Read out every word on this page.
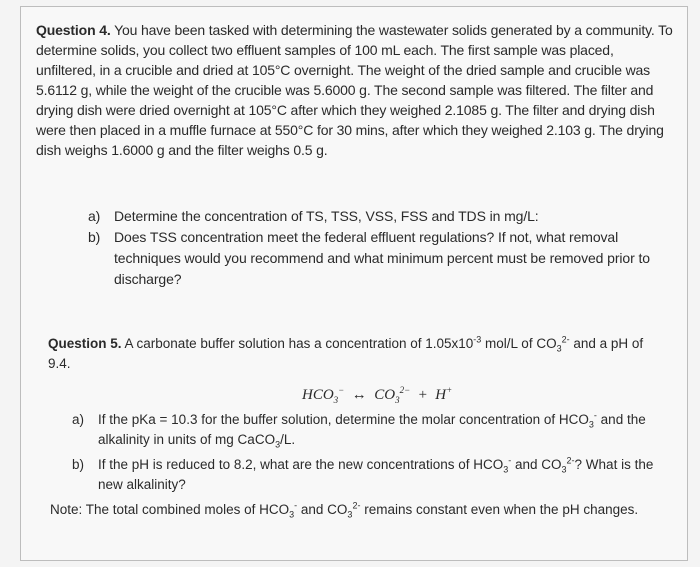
Question 4. You have been tasked with determining the wastewater solids generated by a community. To determine solids, you collect two effluent samples of 100 mL each. The first sample was placed, unfiltered, in a crucible and dried at 105°C overnight. The weight of the dried sample and crucible was 5.6112 g, while the weight of the crucible was 5.6000 g. The second sample was filtered. The filter and drying dish were dried overnight at 105°C after which they weighed 2.1085 g. The filter and drying dish were then placed in a muffle furnace at 550°C for 30 mins, after which they weighed 2.103 g. The drying dish weighs 1.6000 g and the filter weighs 0.5 g.
a) Determine the concentration of TS, TSS, VSS, FSS and TDS in mg/L:
b) Does TSS concentration meet the federal effluent regulations? If not, what removal techniques would you recommend and what minimum percent must be removed prior to discharge?
Question 5. A carbonate buffer solution has a concentration of $1.05x10^{-3}$ mol/L of $CO_3^{2-}$ and a pH of 9.4.
$HCO_3^-$ ↔ $CO_3^{2-} + H^+$
a)	If the pKa = 10.3 for the buffer solution, determine the molar concentration of $HCO_3^-$ and the alkalinity in units of mg CaCO$_3$/L.
b)	If the pH is reduced to 8.2, what are the new concentrations of $HCO_3^-$ and $CO_3^{2-}$? What is the new alkalinity?
Note: The total combined moles of $HCO_3^-$ and $CO_3^{2-}$ remains constant even when the pH changes.
